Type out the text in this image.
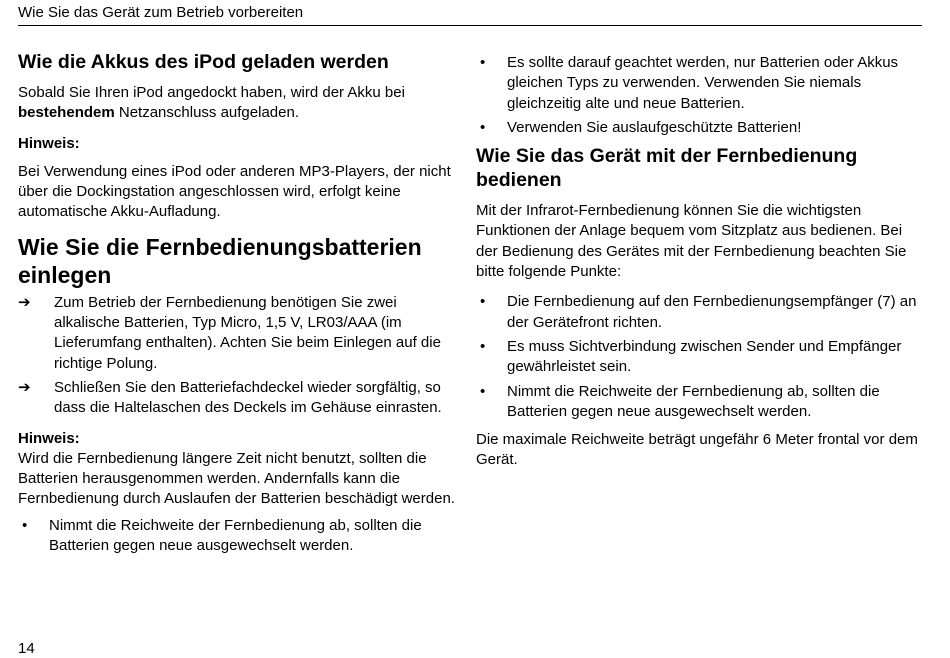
Wie Sie das Gerät zum Betrieb vorbereiten
Wie die Akkus des iPod geladen werden

Sobald Sie Ihren iPod angedockt haben, wird der Akku bei bestehendem Netzanschluss aufgeladen.

Hinweis:

Bei Verwendung eines iPod oder anderen MP3-Players, der nicht über die Dockingstation angeschlossen wird, erfolgt keine automatische Akku-Aufladung.

Wie Sie die Fernbedienungsbatterien einlegen
➔	Zum Betrieb der Fernbedienung benötigen Sie zwei alkalische Batterien, Typ Micro, 1,5 V, LR03/AAA (im Lieferumfang enthalten). Achten Sie beim Einlegen auf die richtige Polung.
➔	Schließen Sie den Batteriefachdeckel wieder sorgfältig, so dass die Haltelaschen des Deckels im Gehäuse einrasten.

Hinweis:

Wird die Fernbedienung längere Zeit nicht benutzt, sollten die Batterien herausgenommen werden. Andernfalls kann die Fernbedienung durch Auslaufen der Batterien beschädigt werden.

•	Nimmt die Reichweite der Fernbedienung ab, sollten die Batterien gegen neue ausgewechselt werden.
•	Es sollte darauf geachtet werden, nur Batterien oder Akkus gleichen Typs zu verwenden. Verwenden Sie niemals gleichzeitig alte und neue Batterien.
•	Verwenden Sie auslaufgeschützte Batterien!
Wie Sie das Gerät mit der Fernbedienung bedienen

Mit der Infrarot-Fernbedienung können Sie die wichtigsten Funktionen der Anlage bequem vom Sitzplatz aus bedienen. Bei der Bedienung des Gerätes mit der Fernbedienung beachten Sie bitte folgende Punkte:

•	Die Fernbedienung auf den Fernbedienungsempfänger (7) an der Gerätefront richten.
•	Es muss Sichtverbindung zwischen Sender und Empfänger gewährleistet sein.
•	Nimmt die Reichweite der Fernbedienung ab, sollten die Batterien gegen neue ausgewechselt werden.

Die maximale Reichweite beträgt ungefähr 6 Meter frontal vor dem Gerät.

14
